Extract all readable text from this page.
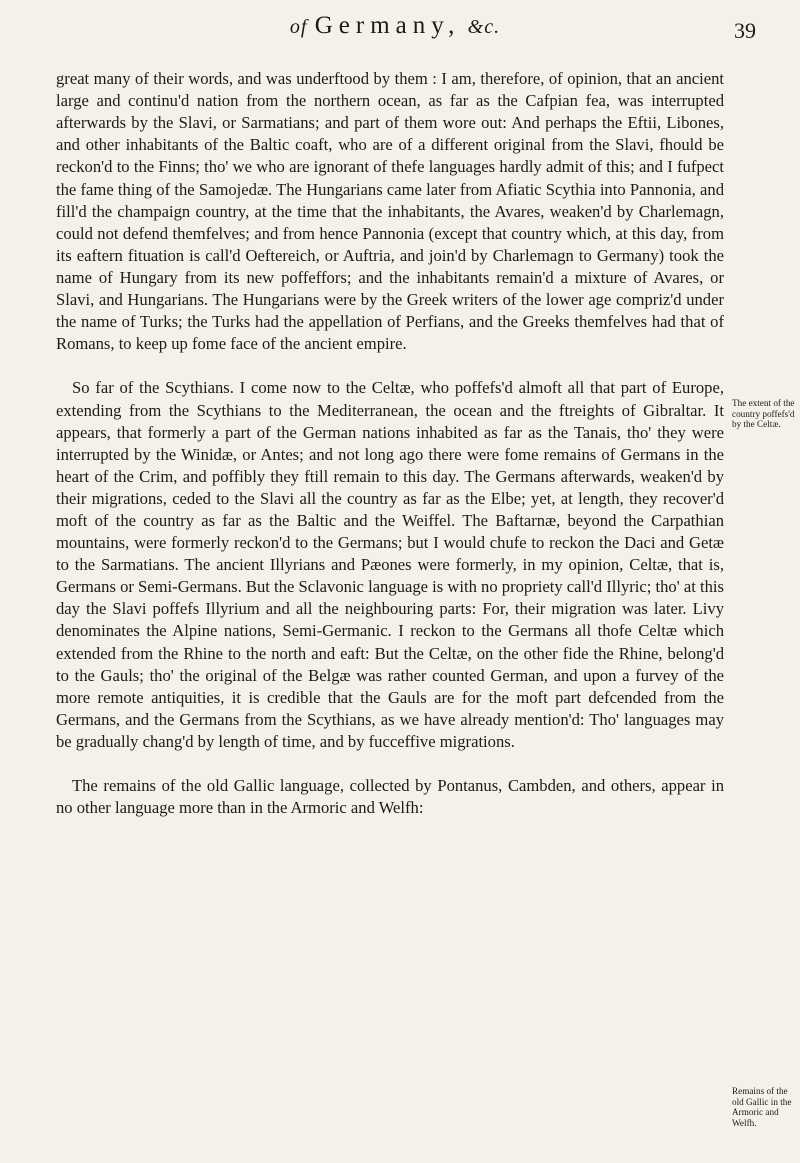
of Germany, &c.	39

great many of their words, and was underftood by them : I am, therefore, of opinion, that an ancient large and continu'd nation from the northern ocean, as far as the Cafpian fea, was interrupted afterwards by the Slavi, or Sarmatians; and part of them wore out: And perhaps the Eftii, Libones, and other inhabitants of the Baltic coaft, who are of a different original from the Slavi, fhould be reckon'd to the Finns; tho' we who are ignorant of thefe languages hardly admit of this; and I fufpect the fame thing of the Samojedæ. The Hungarians came later from Afiatic Scythia into Pannonia, and fill'd the champaign country, at the time that the inhabitants, the Avares, weaken'd by Charlemagn, could not defend themfelves; and from hence Pannonia (except that country which, at this day, from its eaftern fituation is call'd Oeftereich, or Auftria, and join'd by Charlemagn to Germany) took the name of Hungary from its new poffeffors; and the inhabitants remain'd a mixture of Avares, or Slavi, and Hungarians. The Hungarians were by the Greek writers of the lower age compriz'd under the name of Turks; the Turks had the appellation of Perfians, and the Greeks themfelves had that of Romans, to keep up fome face of the ancient empire.

So far of the Scythians. I come now to the Celtæ, who poffefs'd almoft all that part of Europe, extending from the Scythians to the Mediterranean, the ocean and the ftreights of Gibraltar. It appears, that formerly a part of the German nations inhabited as far as the Tanais, tho' they were interrupted by the Winidæ, or Antes; and not long ago there were fome remains of Germans in the heart of the Crim, and poffibly they ftill remain to this day. The Germans afterwards, weaken'd by their migrations, ceded to the Slavi all the country as far as the Elbe; yet, at length, they recover'd moft of the country as far as the Baltic and the Weiffel. The Baftarnæ, beyond the Carpathian mountains, were formerly reckon'd to the Germans; but I would chufe to reckon the Daci and Getæ to the Sarmatians. The ancient Illyrians and Pæones were formerly, in my opinion, Celtæ, that is, Germans or Semi-Germans. But the Sclavonic language is with no propriety call'd Illyric; tho' at this day the Slavi poffefs Illyrium and all the neighbouring parts: For, their migration was later. Livy denominates the Alpine nations, Semi-Germanic. I reckon to the Germans all thofe Celtæ which extended from the Rhine to the north and eaft: But the Celtæ, on the other fide the Rhine, belong'd to the Gauls; tho' the original of the Belgæ was rather counted German, and upon a furvey of the more remote antiquities, it is credible that the Gauls are for the moft part defcended from the Germans, and the Germans from the Scythians, as we have already mention'd: Tho' languages may be gradually chang'd by length of time, and by fucceffive migrations.

The remains of the old Gallic language, collected by Pontanus, Cambden, and others, appear in no other language more than in the Armoric and Welfh:

The extent of the country poffefs'd by the Celtæ.
Remains of the old Gallic in the Armoric and Welfh.
